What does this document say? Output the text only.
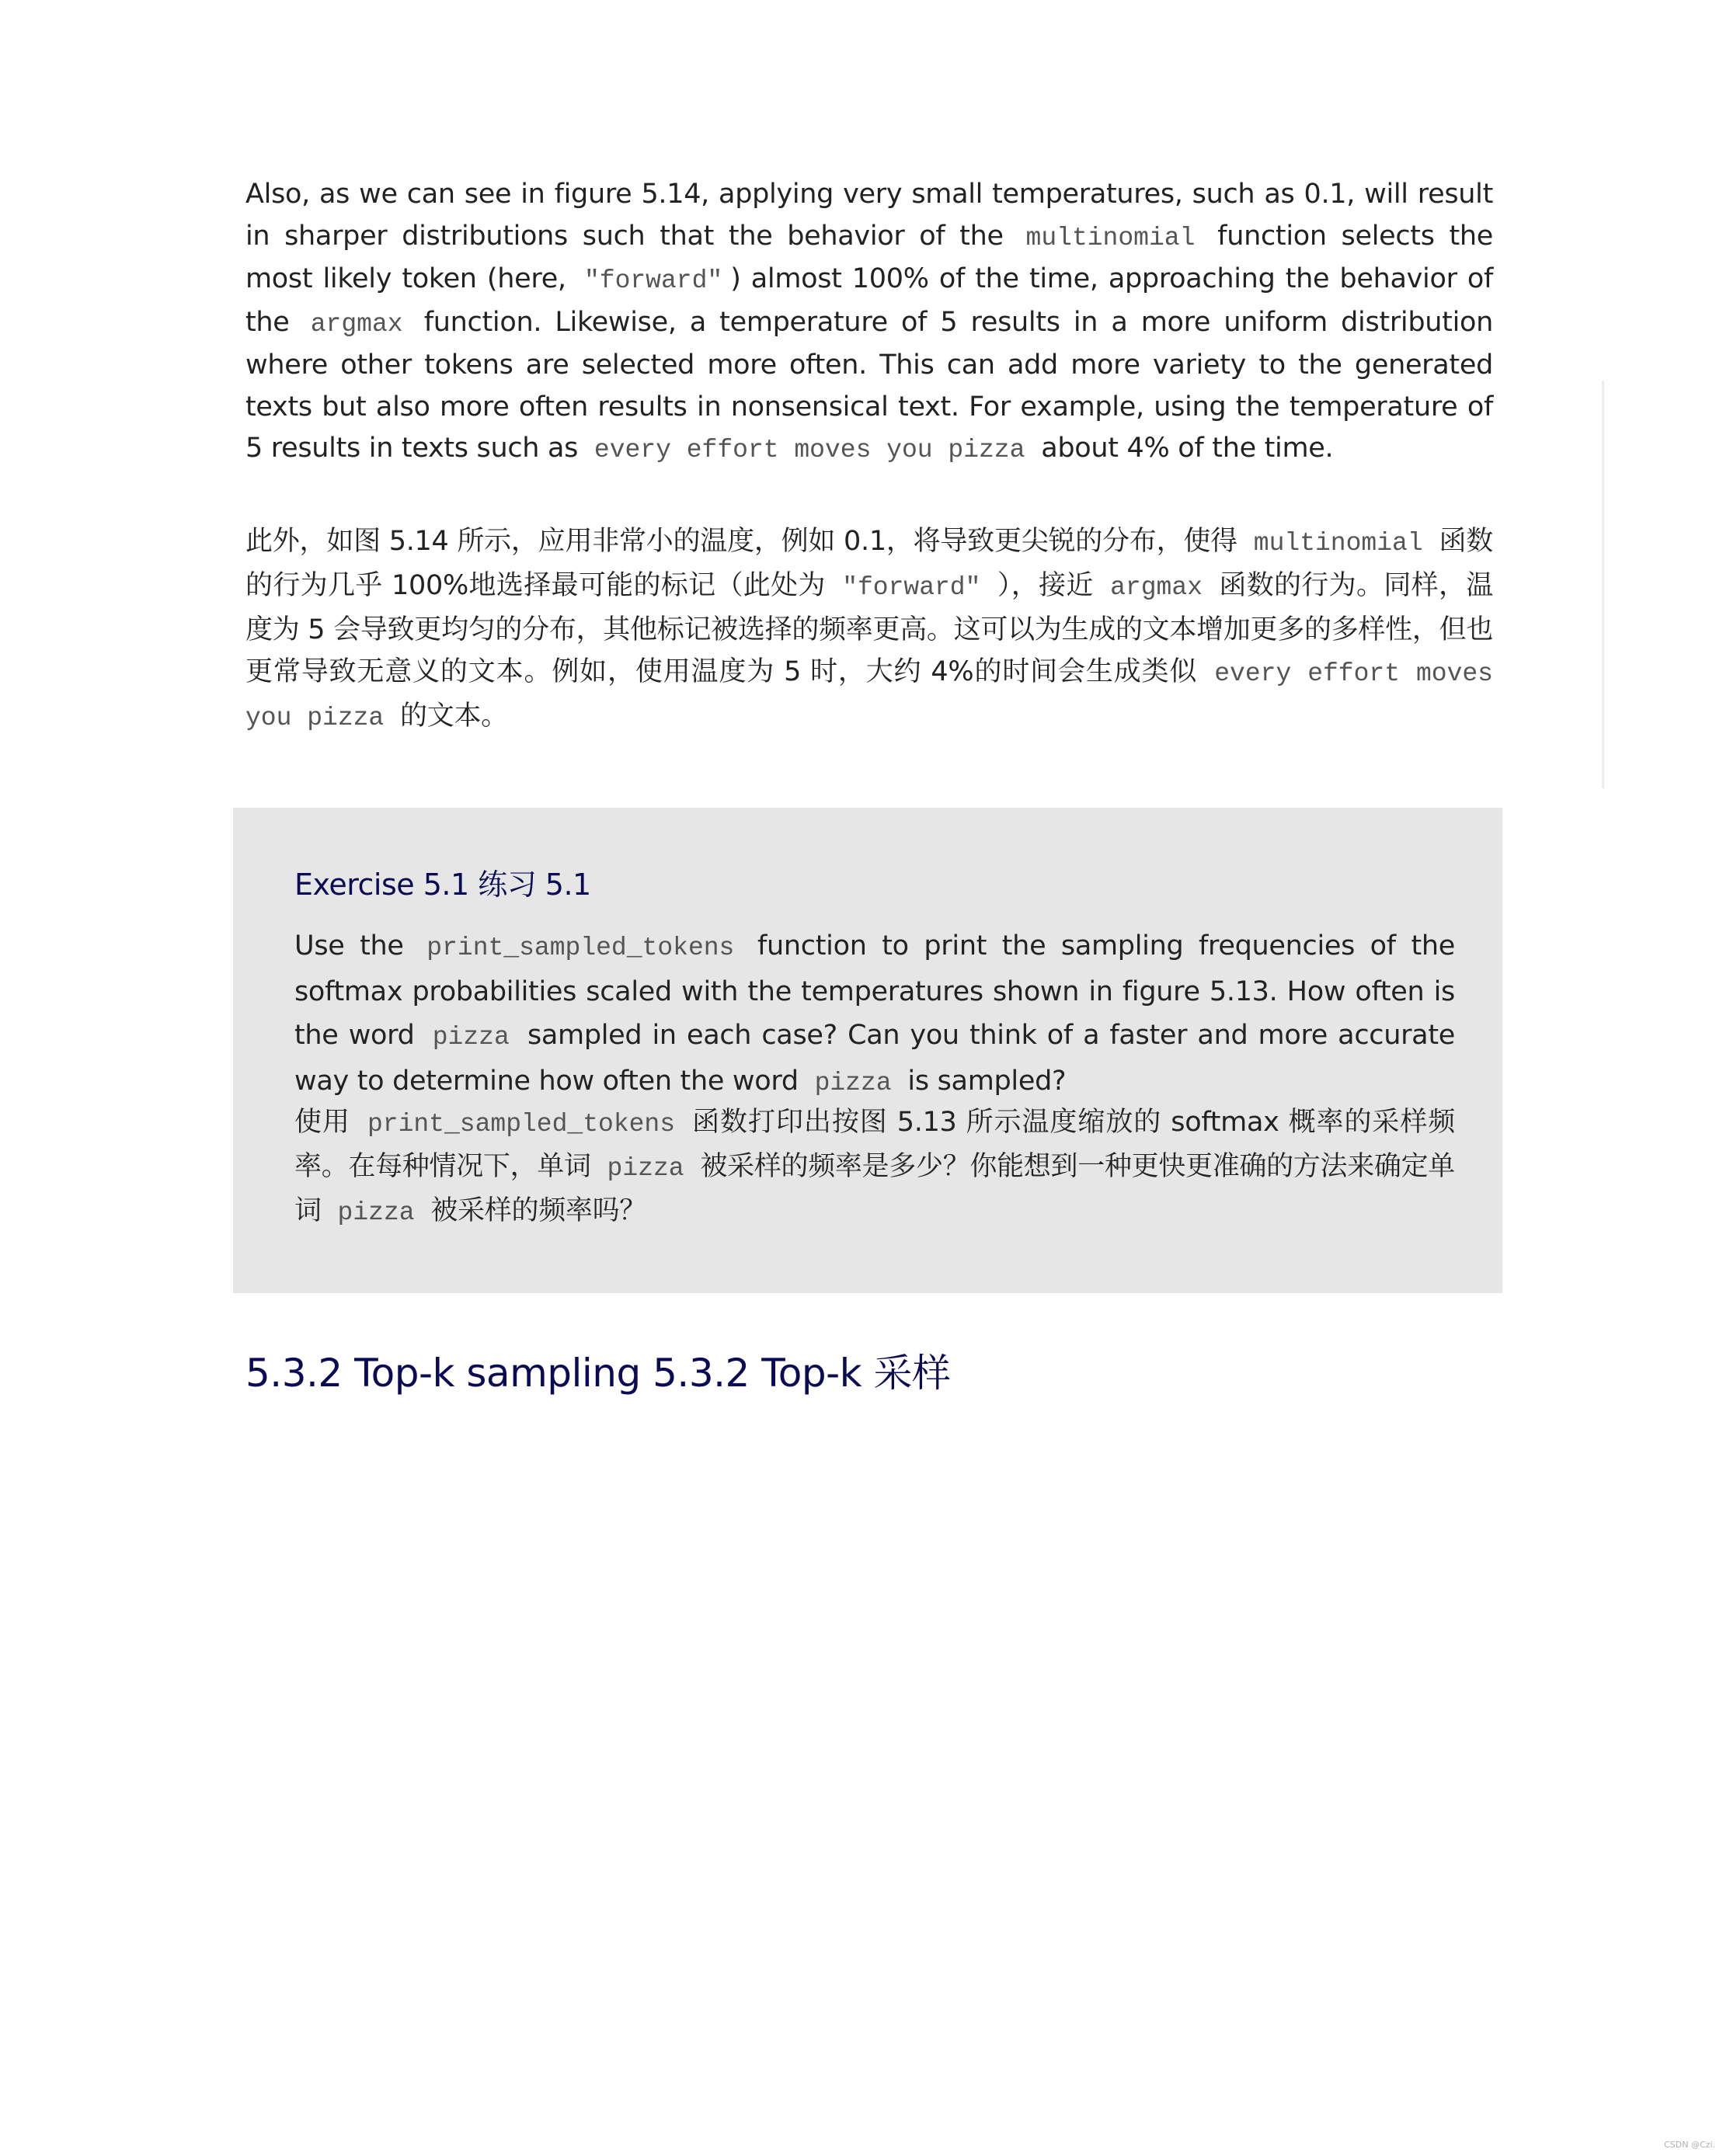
Also, as we can see in figure 5.14, applying very small temperatures, such as 0.1, will result in sharper distributions such that the behavior of the multinomial function selects the most likely token (here, "forward" ) almost 100% of the time, approaching the behavior of the argmax function. Likewise, a temperature of 5 results in a more uniform distribution where other tokens are selected more often. This can add more variety to the generated texts but also more often results in nonsensical text. For example, using the temperature of 5 results in texts such as every effort moves you pizza about 4% of the time.

此外，如图 5.14 所示，应用非常小的温度，例如 0.1，将导致更尖锐的分布，使得 multinomial 函数的行为几乎 100%地选择最可能的标记（此处为 "forward" ），接近 argmax 函数的行为。同样，温度为 5 会导致更均匀的分布，其他标记被选择的频率更高。这可以为生成的文本增加更多的多样性，但也更常导致无意义的文本。例如，使用温度为 5 时，大约 4%的时间会生成类似 every effort moves you pizza 的文本。

Exercise 5.1 练习 5.1

Use the print_sampled_tokens function to print the sampling frequencies of the softmax probabilities scaled with the temperatures shown in figure 5.13. How often is the word pizza sampled in each case? Can you think of a faster and more accurate way to determine how often the word pizza is sampled?

使用 print_sampled_tokens 函数打印出按图 5.13 所示温度缩放的 softmax 概率的采样频率。在每种情况下，单词 pizza 被采样的频率是多少？你能想到一种更快更准确的方法来确定单词 pizza 被采样的频率吗？

5.3.2 Top-k sampling 5.3.2 Top-k 采样
CSDN @Czi.
